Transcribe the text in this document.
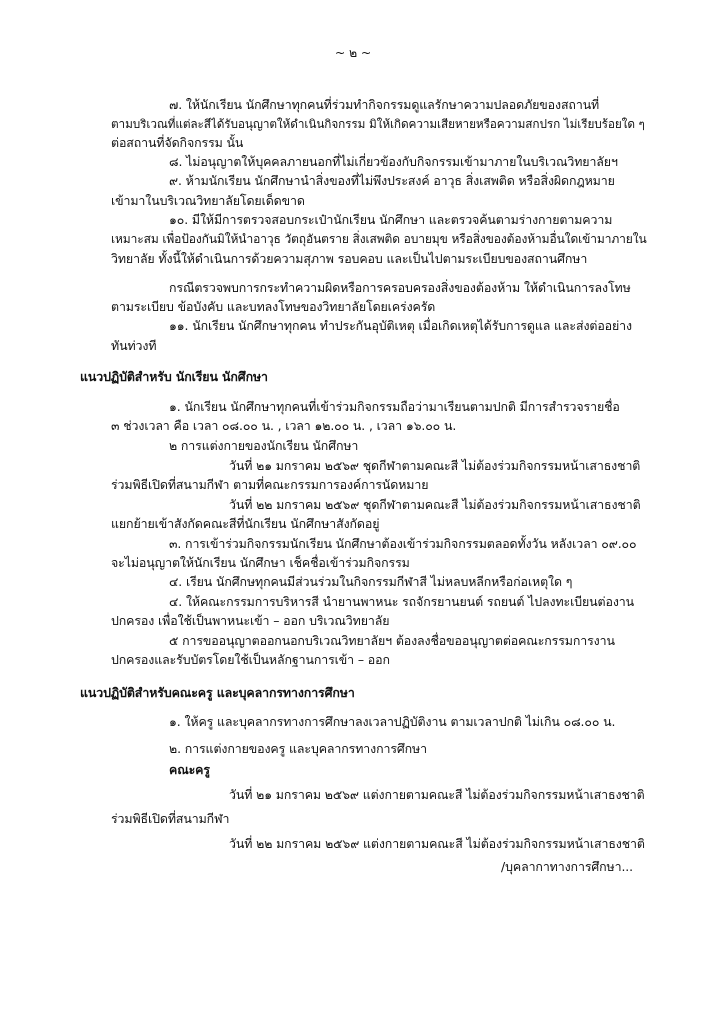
~ ๒ ~
๗. ให้นักเรียน นักศึกษาทุกคนที่ร่วมทำกิจกรรมดูแลรักษาความปลอดภัยของสถานที่
ตามบริเวณที่แต่ละสีได้รับอนุญาตให้ดำเนินกิจกรรม มิให้เกิดความเสียหายหรือความสกปรก ไม่เรียบร้อยใด ๆ
ต่อสถานที่จัดกิจกรรม นั้น
๘. ไม่อนุญาตให้บุคคลภายนอกที่ไม่เกี่ยวข้องกับกิจกรรมเข้ามาภายในบริเวณวิทยาลัยฯ
๙. ห้ามนักเรียน นักศึกษานำสิ่งของที่ไม่พึงประสงค์ อาวุธ สิ่งเสพติด หรือสิ่งผิดกฎหมาย
เข้ามาในบริเวณวิทยาลัยโดยเด็ดขาด
๑๐. มีให้มีการตรวจสอบกระเป๋านักเรียน นักศึกษา และตรวจค้นตามร่างกายตามความ
เหมาะสม เพื่อป้องกันมิให้นำอาวุธ วัตถุอันตราย สิ่งเสพติด อบายมุข หรือสิ่งของต้องห้ามอื่นใดเข้ามาภายใน
วิทยาลัย ทั้งนี้ให้ดำเนินการด้วยความสุภาพ รอบคอบ และเป็นไปตามระเบียบของสถานศึกษา
กรณีตรวจพบการกระทำความผิดหรือการครอบครองสิ่งของต้องห้าม ให้ดำเนินการลงโทษ
ตามระเบียบ ข้อบังคับ และบทลงโทษของวิทยาลัยโดยเคร่งครัด
๑๑. นักเรียน นักศึกษาทุกคน ทำประกันอุบัติเหตุ เมื่อเกิดเหตุได้รับการดูแล และส่งต่ออย่าง
ทันท่วงที
แนวปฏิบัติสำหรับ นักเรียน นักศึกษา
๑. นักเรียน นักศึกษาทุกคนที่เข้าร่วมกิจกรรมถือว่ามาเรียนตามปกติ มีการสำรวจรายชื่อ
๓ ช่วงเวลา คือ เวลา ๐๘.๐๐ น. , เวลา ๑๒.๐๐ น. , เวลา ๑๖.๐๐ น.
๒ การแต่งกายของนักเรียน นักศึกษา
วันที่ ๒๑ มกราคม ๒๕๖๙ ชุดกีฬาตามคณะสี ไม่ต้องร่วมกิจกรรมหน้าเสาธงชาติ
ร่วมพิธีเปิดที่สนามกีฬา ตามที่คณะกรรมการองค์การนัดหมาย
วันที่ ๒๒ มกราคม ๒๕๖๙ ชุดกีฬาตามคณะสี ไม่ต้องร่วมกิจกรรมหน้าเสาธงชาติ
แยกย้ายเข้าสังกัดคณะสีที่นักเรียน นักศึกษาสังกัดอยู่
๓. การเข้าร่วมกิจกรรมนักเรียน นักศึกษาต้องเข้าร่วมกิจกรรมตลอดทั้งวัน หลังเวลา ๐๙.๐๐
จะไม่อนุญาตให้นักเรียน นักศึกษา เช็คชื่อเข้าร่วมกิจกรรม
๔. เรียน นักศึกษทุกคนมีส่วนร่วมในกิจกรรมกีฬาสี ไม่หลบหลีกหรือก่อเหตุใด ๆ
๔. ให้คณะกรรมการบริหารสี นำยานพาหนะ รถจักรยานยนต์ รถยนต์ ไปลงทะเบียนต่องาน
ปกครอง เพื่อใช้เป็นพาหนะเข้า – ออก บริเวณวิทยาลัย
๕ การขออนุญาตออกนอกบริเวณวิทยาลัยฯ ต้องลงชื่อขออนุญาตต่อคณะกรรมการงาน
ปกครองและรับบัตรโดยใช้เป็นหลักฐานการเข้า – ออก
แนวปฏิบัติสำหรับคณะครู และบุคลากรทางการศึกษา
๑. ให้ครู และบุคลากรทางการศึกษาลงเวลาปฏิบัติงาน ตามเวลาปกติ ไม่เกิน ๐๘.๐๐ น.
๒. การแต่งกายของครู และบุคลากรทางการศึกษา
คณะครู
วันที่ ๒๑ มกราคม ๒๕๖๙ แต่งกายตามคณะสี ไม่ต้องร่วมกิจกรรมหน้าเสาธงชาติ
ร่วมพิธีเปิดที่สนามกีฬา
วันที่ ๒๒ มกราคม ๒๕๖๙ แต่งกายตามคณะสี ไม่ต้องร่วมกิจกรรมหน้าเสาธงชาติ
/บุคลากาทางการศึกษา...
